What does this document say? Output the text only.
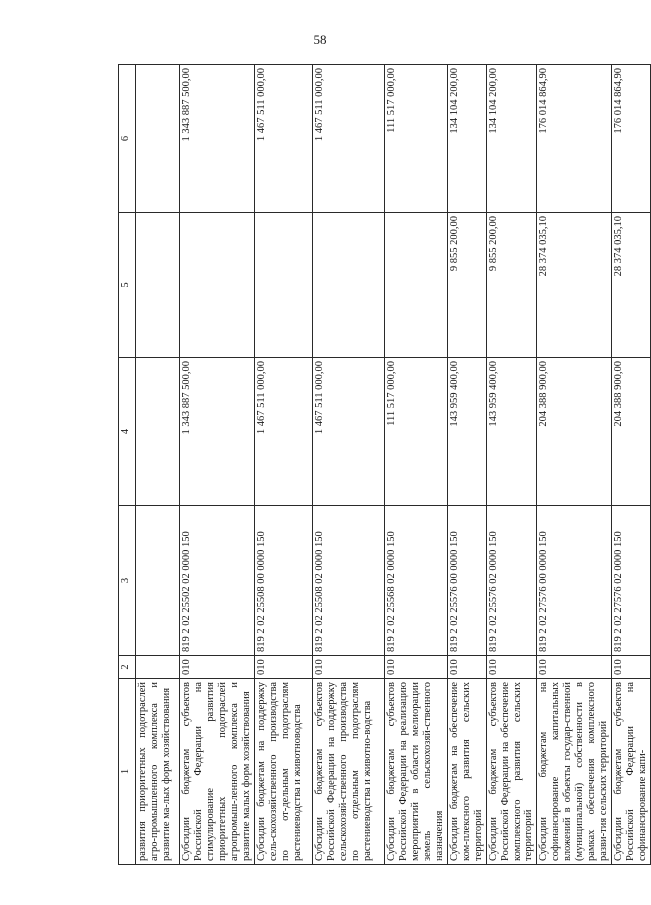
58
1	2	3	4	5	6
развития приоритетных подотраслей агро-промышленного комплекса и развитие ма-лых форм хозяйствования					
Субсидии бюджетам субъектов Российской Федерации на стимулирование развития приоритетных подотраслей агропромыш-ленного комплекса и развитие малых форм хозяйствования	010	819 2 02 25502 02 0000 150	1 343 887 500,00		1 343 887 500,00
Субсидии бюджетам на поддержку сель-скохозяйственного производства по от-дельным подотраслям растениеводства и животноводства	010	819 2 02 25508 00 0000 150	1 467 511 000,00		1 467 511 000,00
Субсидии бюджетам субъектов Российской Федерации на поддержку сельскохозяй-ственного производства по отдельным подотраслям растениеводства и животно-водства	010	819 2 02 25508 02 0000 150	1 467 511 000,00		1 467 511 000,00
Субсидии бюджетам субъектов Российской Федерации на реализацию мероприятий в области мелиорации земель сельскохозяй-ственного назначения	010	819 2 02 25568 02 0000 150	111 517 000,00		111 517 000,00
Субсидии бюджетам на обеспечение ком-плексного развития сельских территорий	010	819 2 02 25576 00 0000 150	143 959 400,00	9 855 200,00	134 104 200,00
Субсидии бюджетам субъектов Российской Федерации на обеспечение комплексного развития сельских территорий	010	819 2 02 25576 02 0000 150	143 959 400,00	9 855 200,00	134 104 200,00
Субсидии бюджетам на софинансирование капитальных вложений в объекты государ-ственной (муниципальной) собственности в рамках обеспечения комплексного разви-тия сельских территорий	010	819 2 02 27576 00 0000 150	204 388 900,00	28 374 035,10	176 014 864,90
Субсидии бюджетам субъектов Российской Федерации на софинансирование капи-	010	819 2 02 27576 02 0000 150	204 388 900,00	28 374 035,10	176 014 864,90
